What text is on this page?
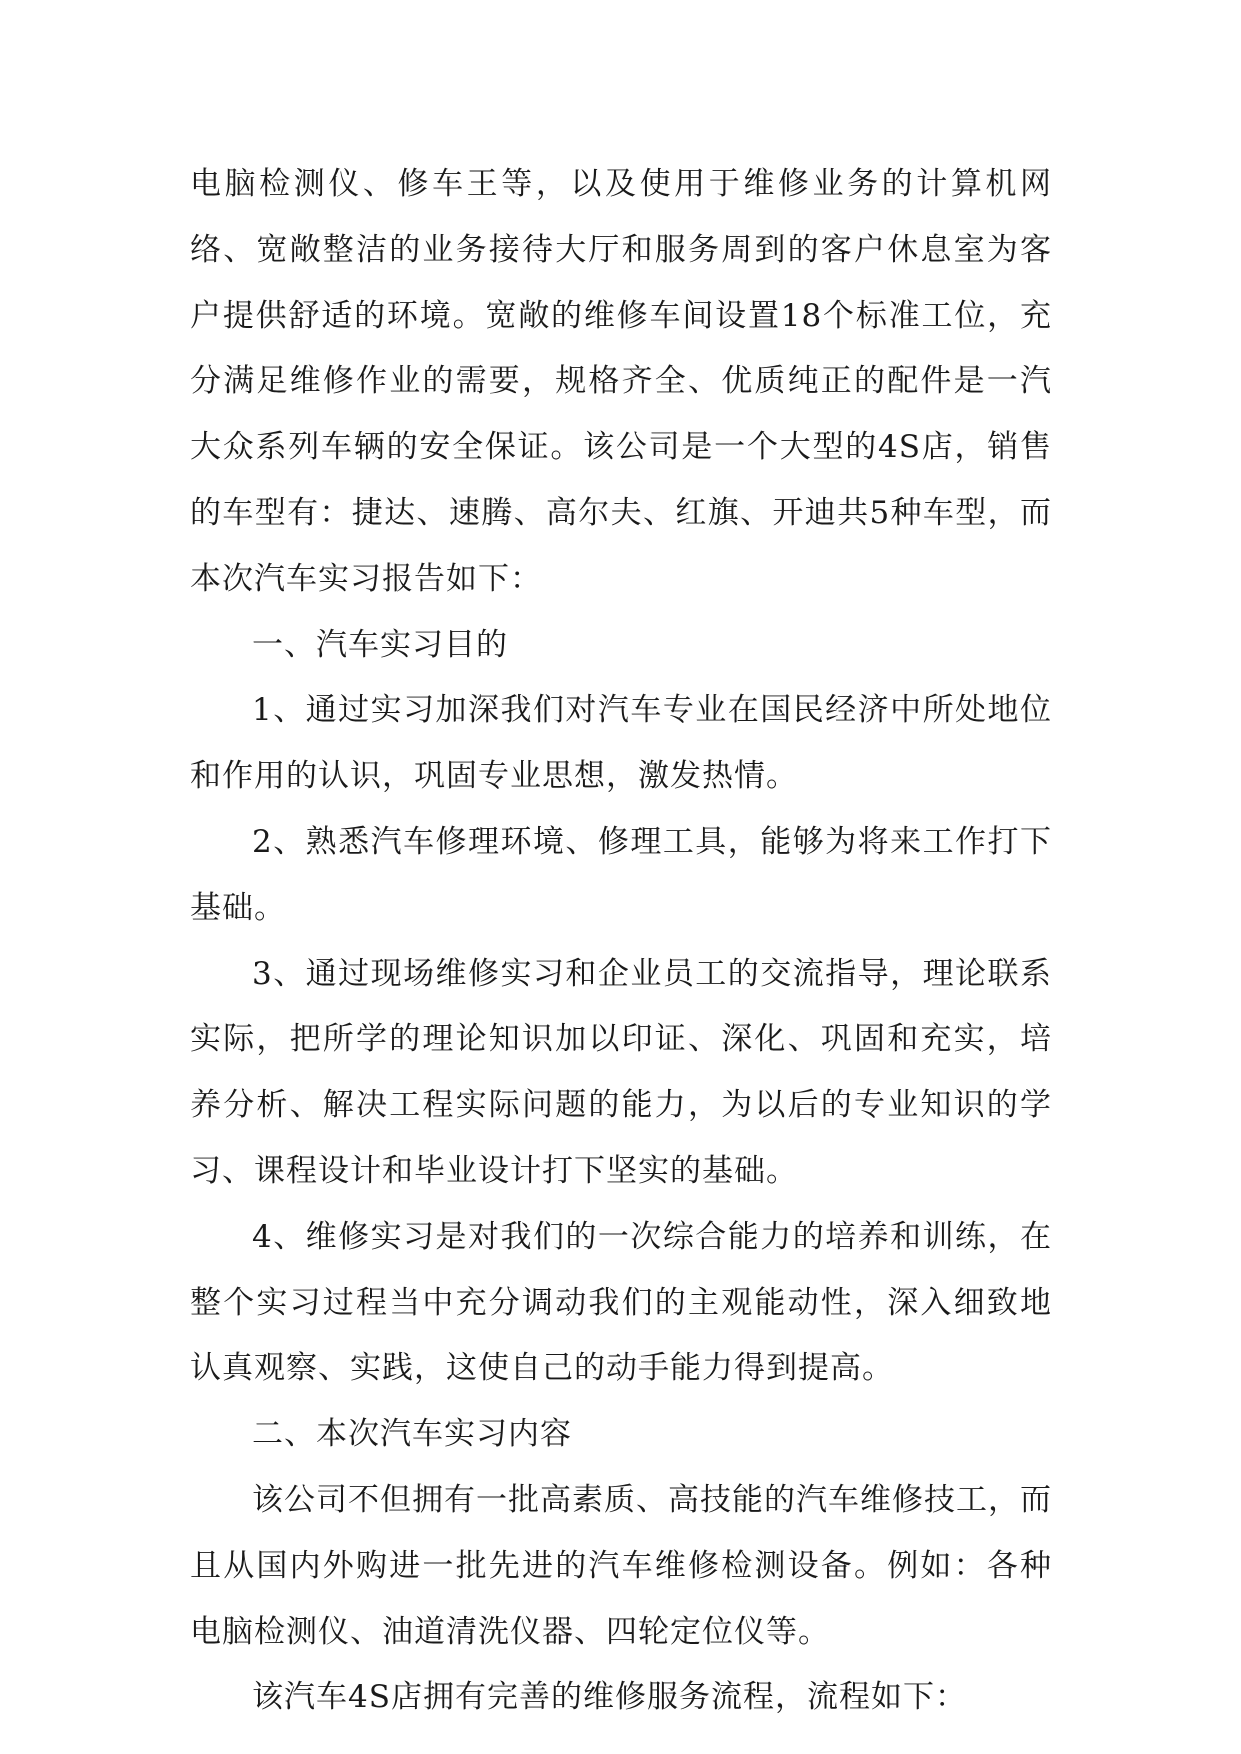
电脑检测仪、修车王等，以及使用于维修业务的计算机网络、宽敞整洁的业务接待大厅和服务周到的客户休息室为客户提供舒适的环境。宽敞的维修车间设置18个标准工位，充分满足维修作业的需要，规格齐全、优质纯正的配件是一汽大众系列车辆的安全保证。该公司是一个大型的4S店，销售的车型有：捷达、速腾、高尔夫、红旗、开迪共5种车型，而本次汽车实习报告如下：

一、汽车实习目的

1、通过实习加深我们对汽车专业在国民经济中所处地位和作用的认识，巩固专业思想，激发热情。

2、熟悉汽车修理环境、修理工具，能够为将来工作打下基础。

3、通过现场维修实习和企业员工的交流指导，理论联系实际，把所学的理论知识加以印证、深化、巩固和充实，培养分析、解决工程实际问题的能力，为以后的专业知识的学习、课程设计和毕业设计打下坚实的基础。

4、维修实习是对我们的一次综合能力的培养和训练，在整个实习过程当中充分调动我们的主观能动性，深入细致地认真观察、实践，这使自己的动手能力得到提高。

二、本次汽车实习内容

该公司不但拥有一批高素质、高技能的汽车维修技工，而且从国内外购进一批先进的汽车维修检测设备。例如：各种电脑检测仪、油道清洗仪器、四轮定位仪等。

该汽车4S店拥有完善的维修服务流程，流程如下：
